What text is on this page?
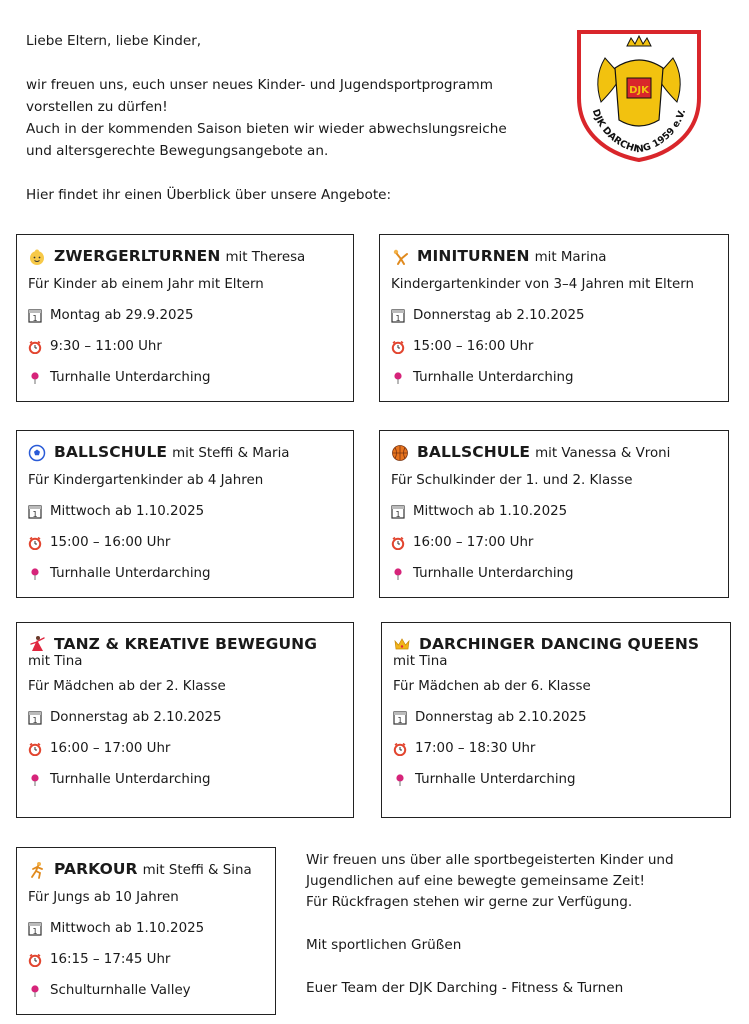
Liebe Eltern, liebe Kinder,

wir freuen uns, euch unser neues Kinder- und Jugendsportprogramm

vorstellen zu dürfen!

Auch in der kommenden Saison bieten wir wieder abwechslungsreiche

und altersgerechte Bewegungsangebote an.

Hier findet ihr einen Überblick über unsere Angebote:

DJK
DJK DARCHING 1959 e.V.
ZWERGERLTURNEN mit Theresa
Für Kinder ab einem Jahr mit Eltern
Montag ab 29.9.2025
9:30 – 11:00 Uhr
Turnhalle Unterdarching
MINITURNEN mit Marina
Kindergartenkinder von 3–4 Jahren mit Eltern
Donnerstag ab 2.10.2025
15:00 – 16:00 Uhr
Turnhalle Unterdarching
BALLSCHULE mit Steffi & Maria
Für Kindergartenkinder ab 4 Jahren
Mittwoch ab 1.10.2025
15:00 – 16:00 Uhr
Turnhalle Unterdarching
BALLSCHULE mit Vanessa & Vroni
Für Schulkinder der 1. und 2. Klasse
Mittwoch ab 1.10.2025
16:00 – 17:00 Uhr
Turnhalle Unterdarching
TANZ & KREATIVE BEWEGUNG
mit Tina
Für Mädchen ab der 2. Klasse
Donnerstag ab 2.10.2025
16:00 – 17:00 Uhr
Turnhalle Unterdarching
DARCHINGER DANCING QUEENS
mit Tina
Für Mädchen ab der 6. Klasse
Donnerstag ab 2.10.2025
17:00 – 18:30 Uhr
Turnhalle Unterdarching
PARKOUR mit Steffi & Sina
Für Jungs ab 10 Jahren
Mittwoch ab 1.10.2025
16:15 – 17:45 Uhr
Schulturnhalle Valley

Wir freuen uns über alle sportbegeisterten Kinder und

Jugendlichen auf eine bewegte gemeinsame Zeit!

Für Rückfragen stehen wir gerne zur Verfügung.

Mit sportlichen Grüßen

Euer Team der DJK Darching - Fitness & Turnen
